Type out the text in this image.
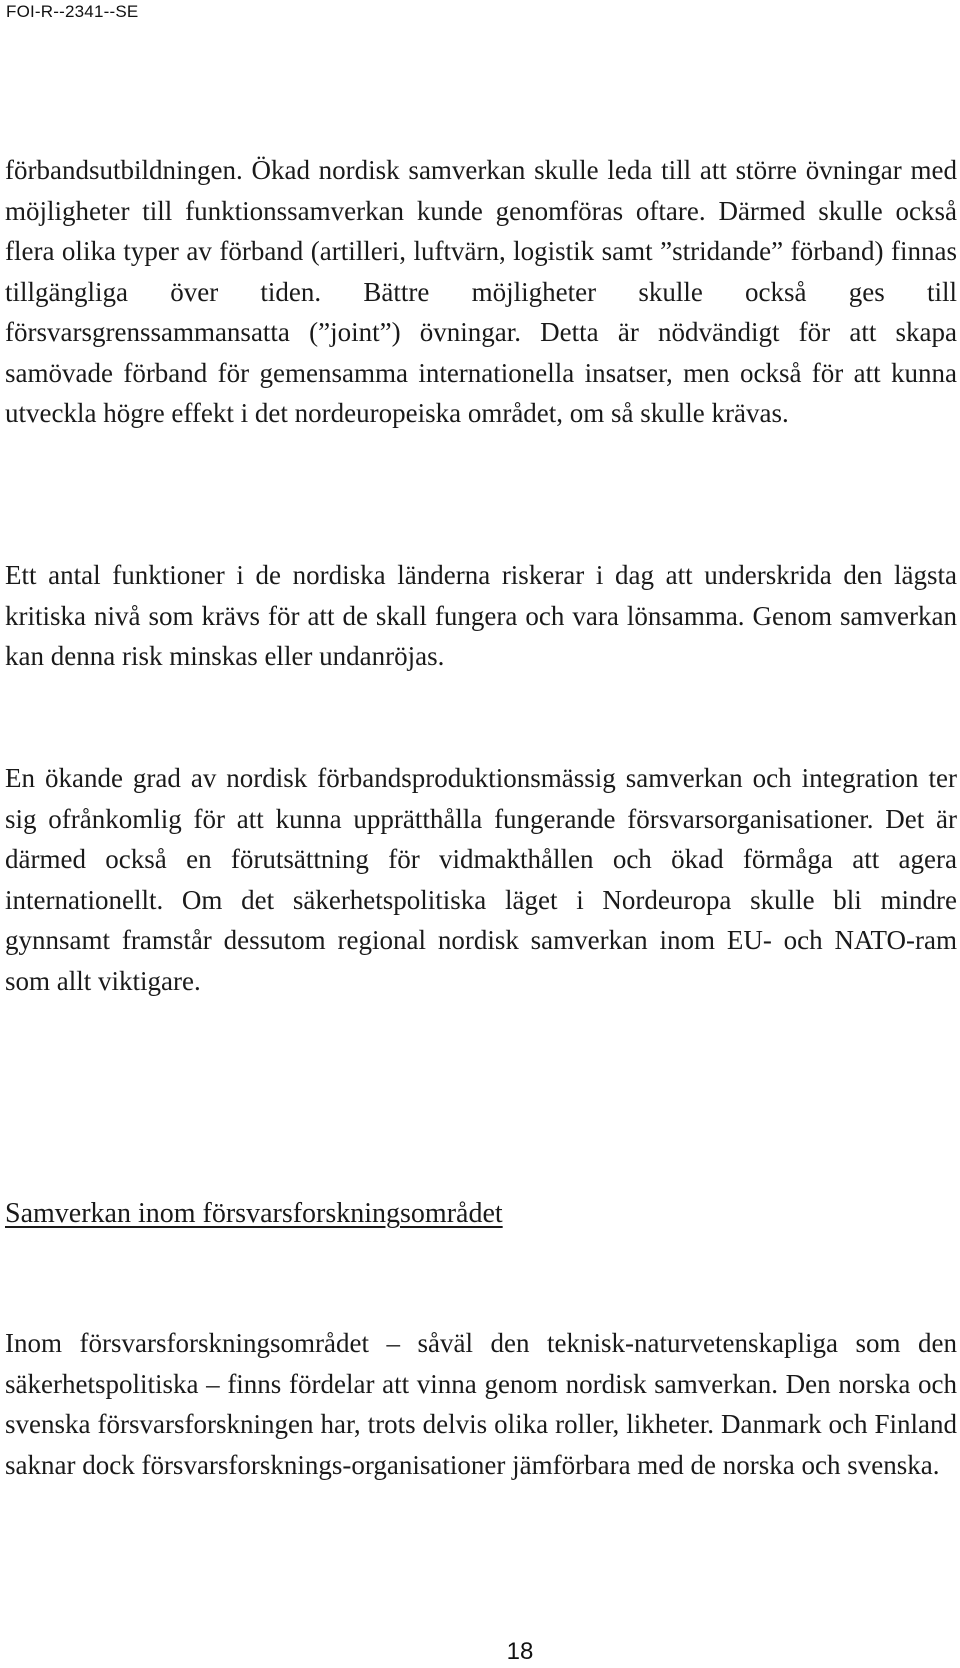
FOI-R--2341--SE

förbandsutbildningen. Ökad nordisk samverkan skulle leda till att större övningar med möjligheter till funktionssamverkan kunde genomföras oftare. Därmed skulle också flera olika typer av förband (artilleri, luftvärn, logistik samt ”stridande” förband) finnas tillgängliga över tiden. Bättre möjligheter skulle också ges till försvarsgrenssammansatta (”joint”) övningar. Detta är nödvändigt för att skapa samövade förband för gemensamma internationella insatser, men också för att kunna utveckla högre effekt i det nordeuropeiska området, om så skulle krävas.

Ett antal funktioner i de nordiska länderna riskerar i dag att underskrida den lägsta kritiska nivå som krävs för att de skall fungera och vara lönsamma. Genom samverkan kan denna risk minskas eller undanröjas.

En ökande grad av nordisk förbandsproduktionsmässig samverkan och integration ter sig ofrånkomlig för att kunna upprätthålla fungerande försvarsorganisationer. Det är därmed också en förutsättning för vidmakthållen och ökad förmåga att agera internationellt. Om det säkerhetspolitiska läget i Nordeuropa skulle bli mindre gynnsamt framstår dessutom regional nordisk samverkan inom EU- och NATO-ram som allt viktigare.

Samverkan inom försvarsforskningsområdet

Inom försvarsforskningsområdet – såväl den teknisk-naturvetenskapliga som den säkerhetspolitiska – finns fördelar att vinna genom nordisk samverkan. Den norska och svenska försvarsforskningen har, trots delvis olika roller, likheter. Danmark och Finland saknar dock försvarsforsknings-organisationer jämförbara med de norska och svenska.

18
